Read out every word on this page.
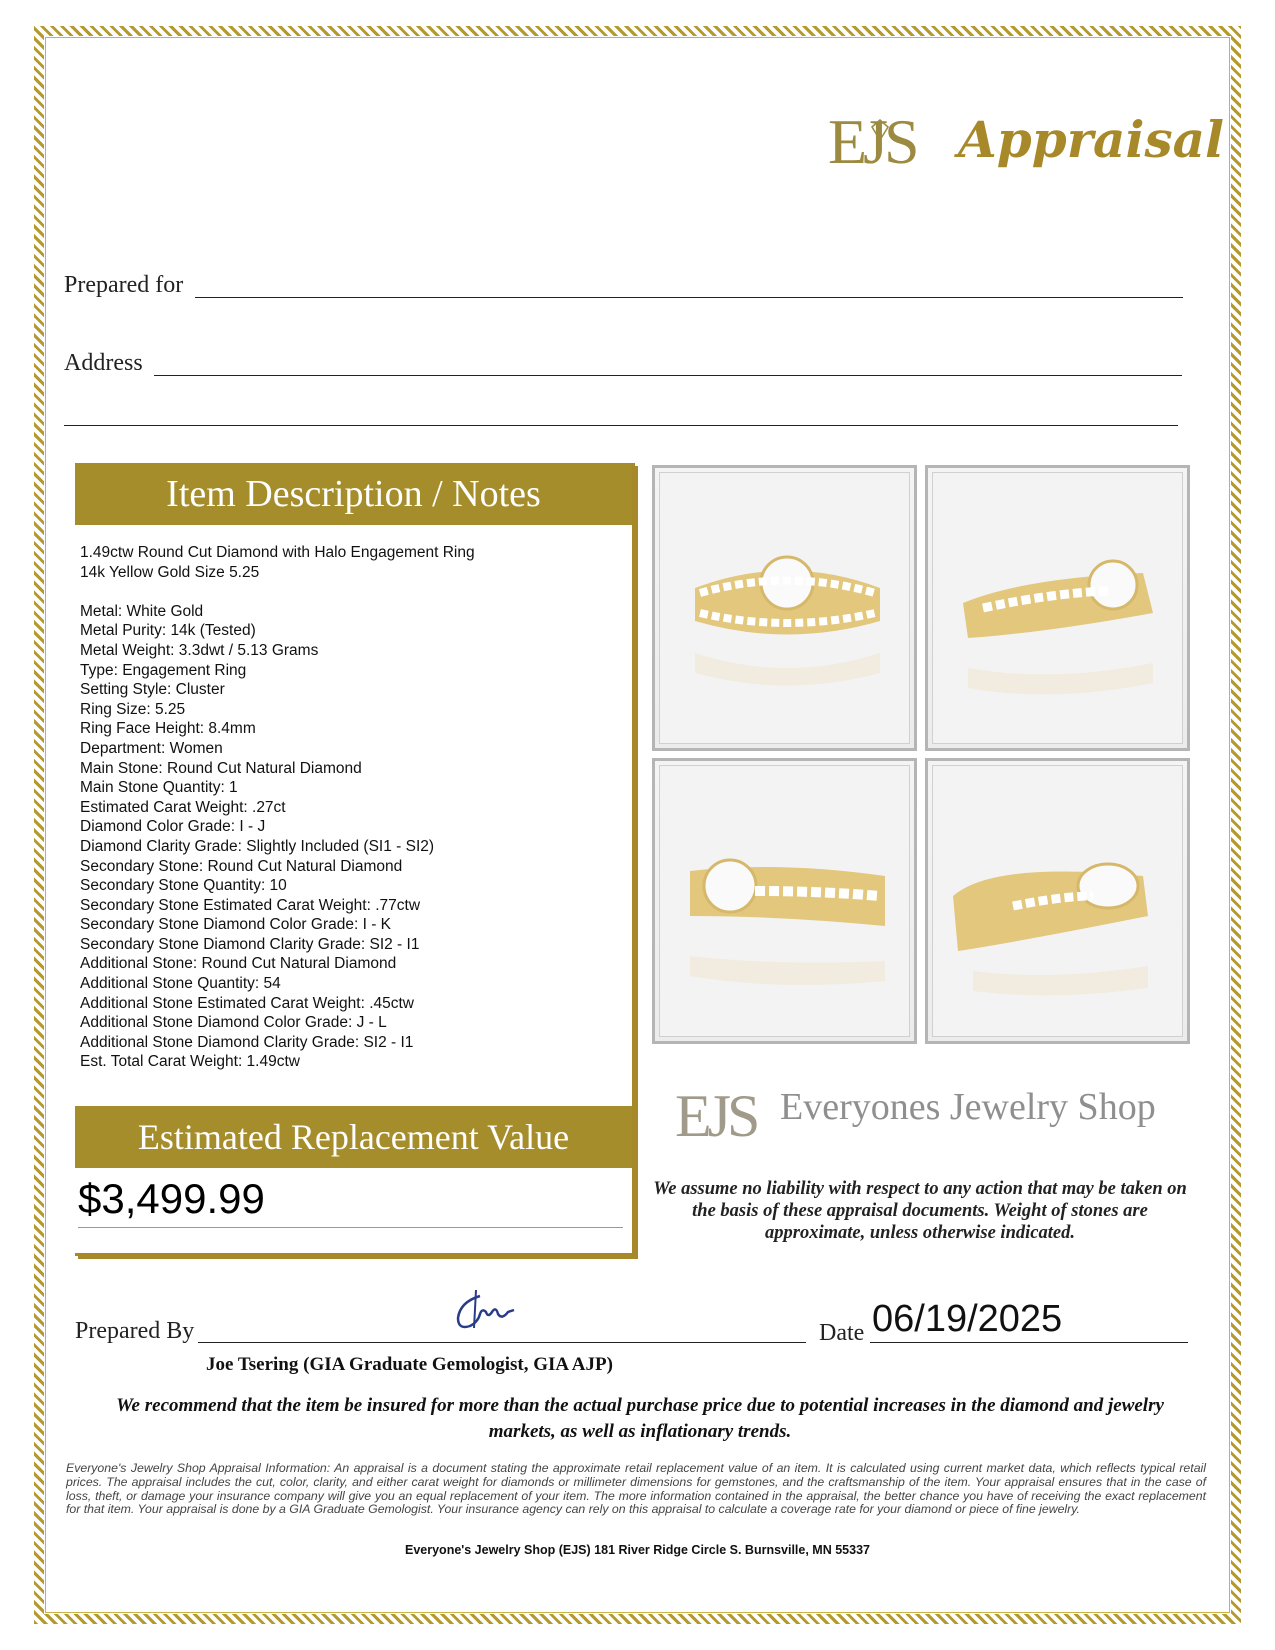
EJS Appraisal
Prepared for
Address
Item Description / Notes
1.49ctw Round Cut Diamond with Halo Engagement Ring
14k Yellow Gold Size 5.25
Metal: White Gold
Metal Purity: 14k (Tested)
Metal Weight: 3.3dwt / 5.13 Grams
Type: Engagement Ring
Setting Style: Cluster
Ring Size: 5.25
Ring Face Height: 8.4mm
Department: Women
Main Stone: Round Cut Natural Diamond
Main Stone Quantity: 1
Estimated Carat Weight: .27ct
Diamond Color Grade: I - J
Diamond Clarity Grade: Slightly Included (SI1 - SI2)
Secondary Stone: Round Cut Natural Diamond
Secondary Stone Quantity: 10
Secondary Stone Estimated Carat Weight: .77ctw
Secondary Stone Diamond Color Grade: I - K
Secondary Stone Diamond Clarity Grade: SI2 - I1
Additional Stone: Round Cut Natural Diamond
Additional Stone Quantity: 54
Additional Stone Estimated Carat Weight: .45ctw
Additional Stone Diamond Color Grade: J - L
Additional Stone Diamond Clarity Grade: SI2 - I1
Est. Total Carat Weight: 1.49ctw
Estimated Replacement Value
$3,499.99
EJS Everyones Jewelry Shop
We assume no liability with respect to any action that may be taken on the basis of these appraisal documents. Weight of stones are approximate, unless otherwise indicated.
Prepared By	Date 06/19/2025
Joe Tsering (GIA Graduate Gemologist, GIA AJP)
We recommend that the item be insured for more than the actual purchase price due to potential increases in the diamond and jewelry markets, as well as inflationary trends.
Everyone's Jewelry Shop Appraisal Information: An appraisal is a document stating the approximate retail replacement value of an item. It is calculated using current market data, which reflects typical retail prices. The appraisal includes the cut, color, clarity, and either carat weight for diamonds or millimeter dimensions for gemstones, and the craftsmanship of the item. Your appraisal ensures that in the case of loss, theft, or damage your insurance company will give you an equal replacement of your item. The more information contained in the appraisal, the better chance you have of receiving the exact replacement for that item. Your appraisal is done by a GIA Graduate Gemologist. Your insurance agency can rely on this appraisal to calculate a coverage rate for your diamond or piece of fine jewelry.
Everyone's Jewelry Shop (EJS) 181 River Ridge Circle S. Burnsville, MN 55337
